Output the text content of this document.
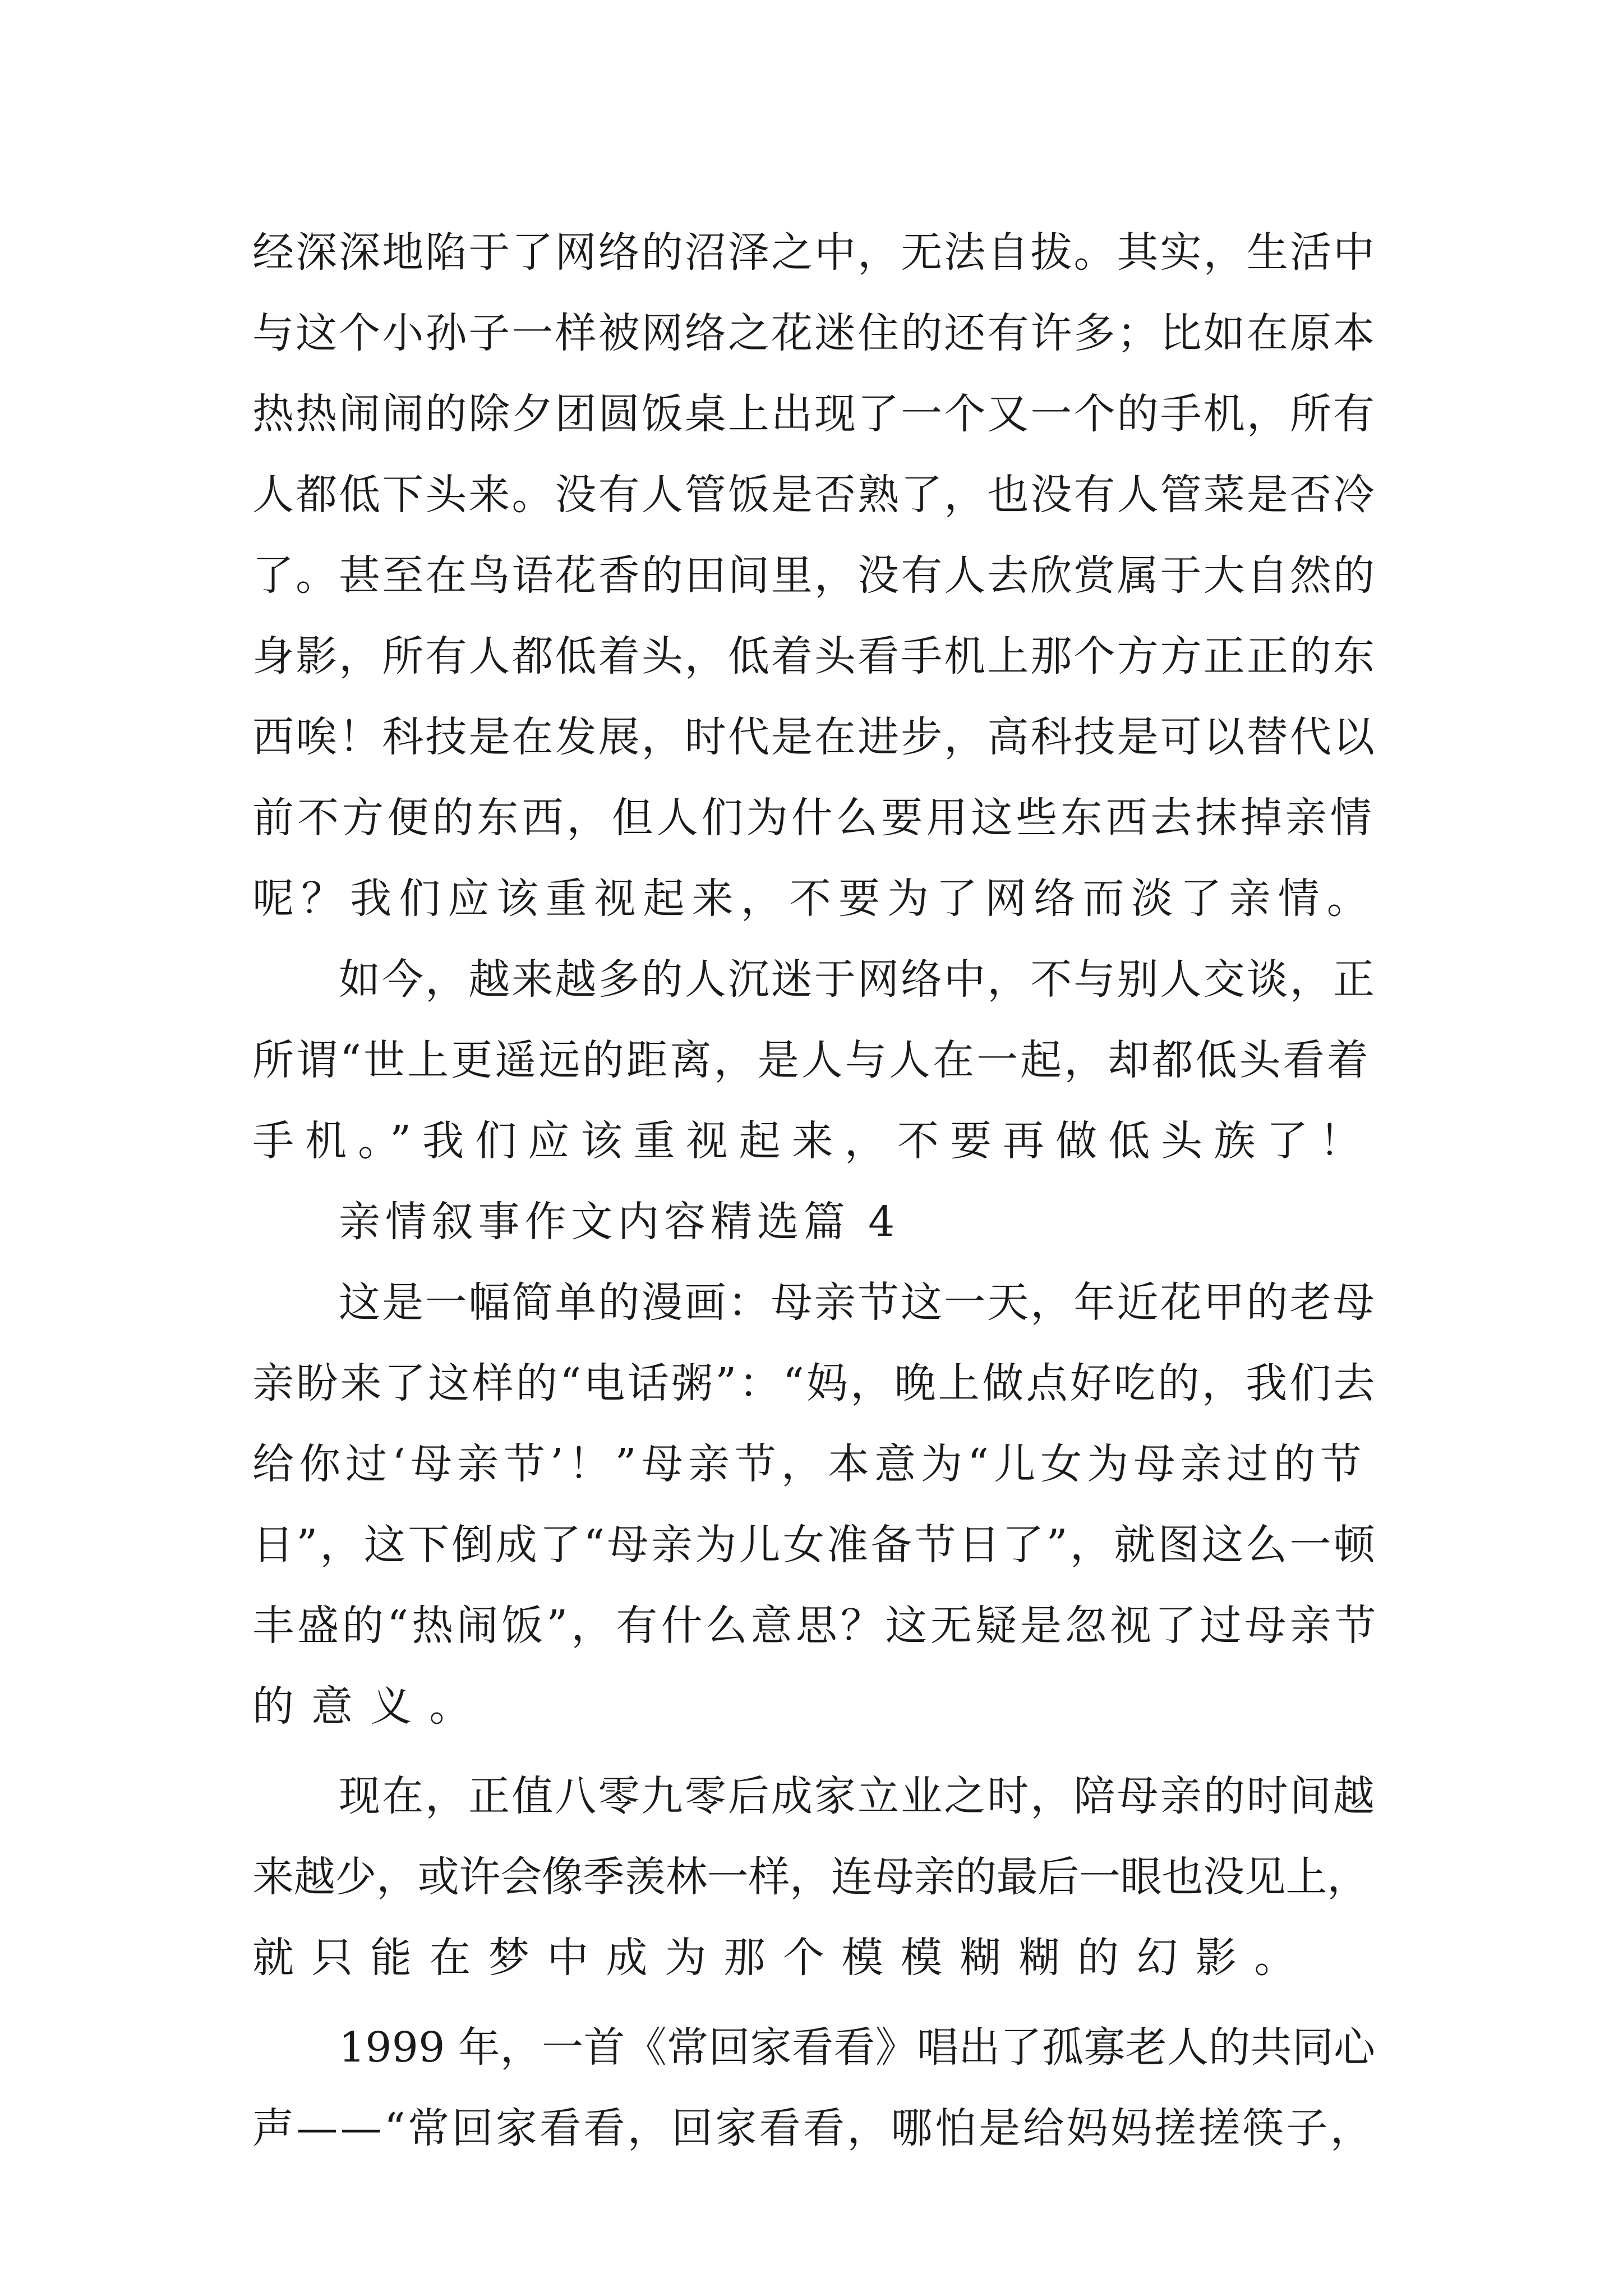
经深深地陷于了网络的沼泽之中，无法自拔。其实，生活中
与这个小孙子一样被网络之花迷住的还有许多；比如在原本
热热闹闹的除夕团圆饭桌上出现了一个又一个的手机，所有
人都低下头来。没有人管饭是否熟了，也没有人管菜是否冷
了。甚至在鸟语花香的田间里，没有人去欣赏属于大自然的
身影，所有人都低着头，低着头看手机上那个方方正正的东
西唉！科技是在发展，时代是在进步，高科技是可以替代以
前不方便的东西，但人们为什么要用这些东西去抹掉亲情
呢？我们应该重视起来，不要为了网络而淡了亲情。
如今，越来越多的人沉迷于网络中，不与别人交谈，正
所谓“世上更遥远的距离，是人与人在一起，却都低头看着
手机。”我们应该重视起来，不要再做低头族了！
亲情叙事作文内容精选篇 4
这是一幅简单的漫画：母亲节这一天，年近花甲的老母
亲盼来了这样的“电话粥”：“妈，晚上做点好吃的，我们去
给你过‘母亲节’！”母亲节，本意为“儿女为母亲过的节
日”，这下倒成了“母亲为儿女准备节日了”，就图这么一顿
丰盛的“热闹饭”，有什么意思？这无疑是忽视了过母亲节
的意义。
现在，正值八零九零后成家立业之时，陪母亲的时间越
来越少，或许会像季羡林一样，连母亲的最后一眼也没见上，
就只能在梦中成为那个模模糊糊的幻影。
1999 年，一首《常回家看看》唱出了孤寡老人的共同心
声——“常回家看看，回家看看，哪怕是给妈妈搓搓筷子，
